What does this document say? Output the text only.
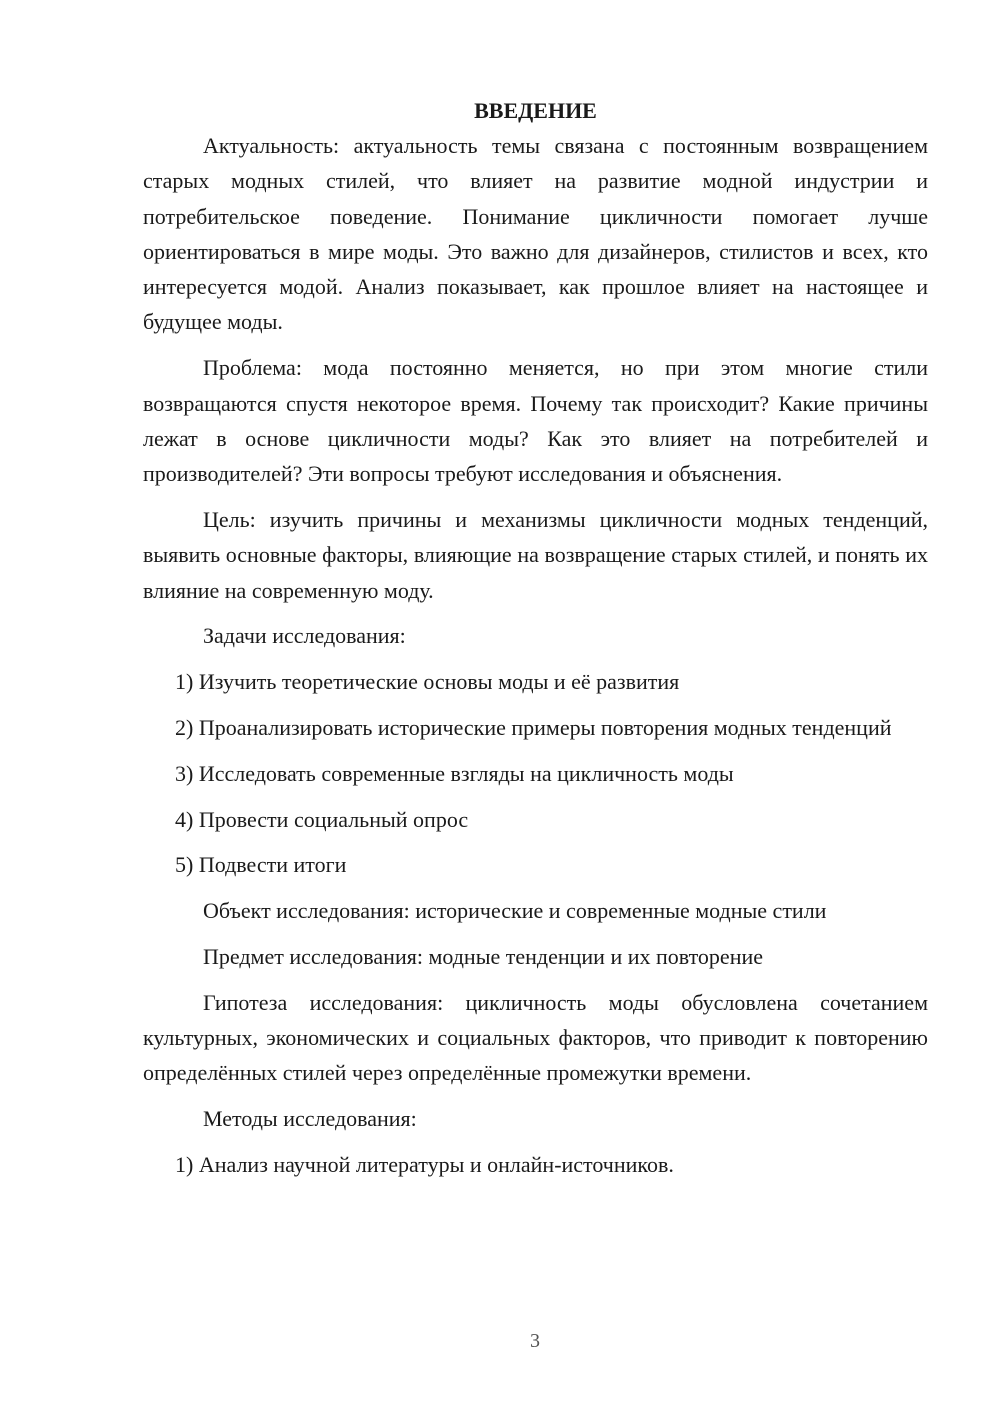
ВВЕДЕНИЕ

Актуальность: актуальность темы связана с постоянным возвращением старых модных стилей, что влияет на развитие модной индустрии и потребительское поведение. Понимание цикличности помогает лучше ориентироваться в мире моды. Это важно для дизайнеров, стилистов и всех, кто интересуется модой. Анализ показывает, как прошлое влияет на настоящее и будущее моды.

Проблема: мода постоянно меняется, но при этом многие стили возвращаются спустя некоторое время. Почему так происходит? Какие причины лежат в основе цикличности моды? Как это влияет на потребителей и производителей? Эти вопросы требуют исследования и объяснения.

Цель: изучить причины и механизмы цикличности модных тенденций, выявить основные факторы, влияющие на возвращение старых стилей, и понять их влияние на современную моду.

Задачи исследования:

1) Изучить теоретические основы моды и её развития

2) Проанализировать исторические примеры повторения модных тенденций

3) Исследовать современные взгляды на цикличность моды

4) Провести социальный опрос

5) Подвести итоги

Объект исследования: исторические и современные модные стили

Предмет исследования: модные тенденции и их повторение

Гипотеза исследования: цикличность моды обусловлена сочетанием культурных, экономических и социальных факторов, что приводит к повторению определённых стилей через определённые промежутки времени.

Методы исследования:

1) Анализ научной литературы и онлайн-источников.

3
